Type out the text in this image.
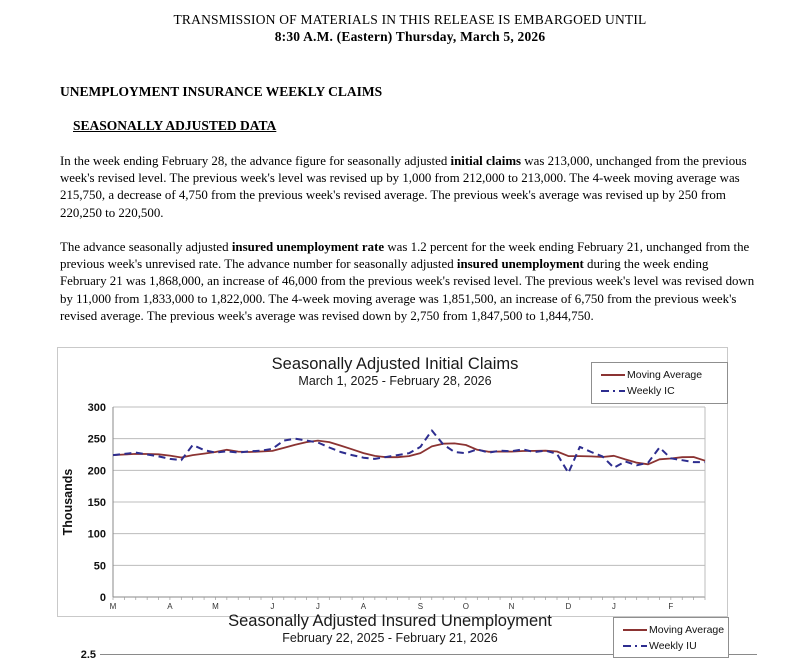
TRANSMISSION OF MATERIALS IN THIS RELEASE IS EMBARGOED UNTIL
8:30 A.M. (Eastern) Thursday, March 5, 2026
UNEMPLOYMENT INSURANCE WEEKLY CLAIMS
SEASONALLY ADJUSTED DATA
In the week ending February 28, the advance figure for seasonally adjusted initial claims was 213,000, unchanged from the previous week's revised level. The previous week's level was revised up by 1,000 from 212,000 to 213,000. The 4-week moving average was 215,750, a decrease of 4,750 from the previous week's revised average. The previous week's average was revised up by 250 from 220,250 to 220,500.
The advance seasonally adjusted insured unemployment rate was 1.2 percent for the week ending February 21, unchanged from the previous week's unrevised rate. The advance number for seasonally adjusted insured unemployment during the week ending February 21 was 1,868,000, an increase of 46,000 from the previous week's revised level. The previous week's level was revised down by 11,000 from 1,833,000 to 1,822,000. The 4-week moving average was 1,851,500, an increase of 6,750 from the previous week's revised average. The previous week's average was revised down by 2,750 from 1,847,500 to 1,844,750.
Seasonally Adjusted Initial Claims
March 1, 2025 - February 28, 2026	Moving Average
Weekly IC
0
50
100
150
200
250
300
M	A	M	J	J	A	S	O	N	D	J	F
Thousands
2.5
Seasonally Adjusted Insured Unemployment
February 22, 2025 - February 21, 2026
Moving Average
Weekly IU
